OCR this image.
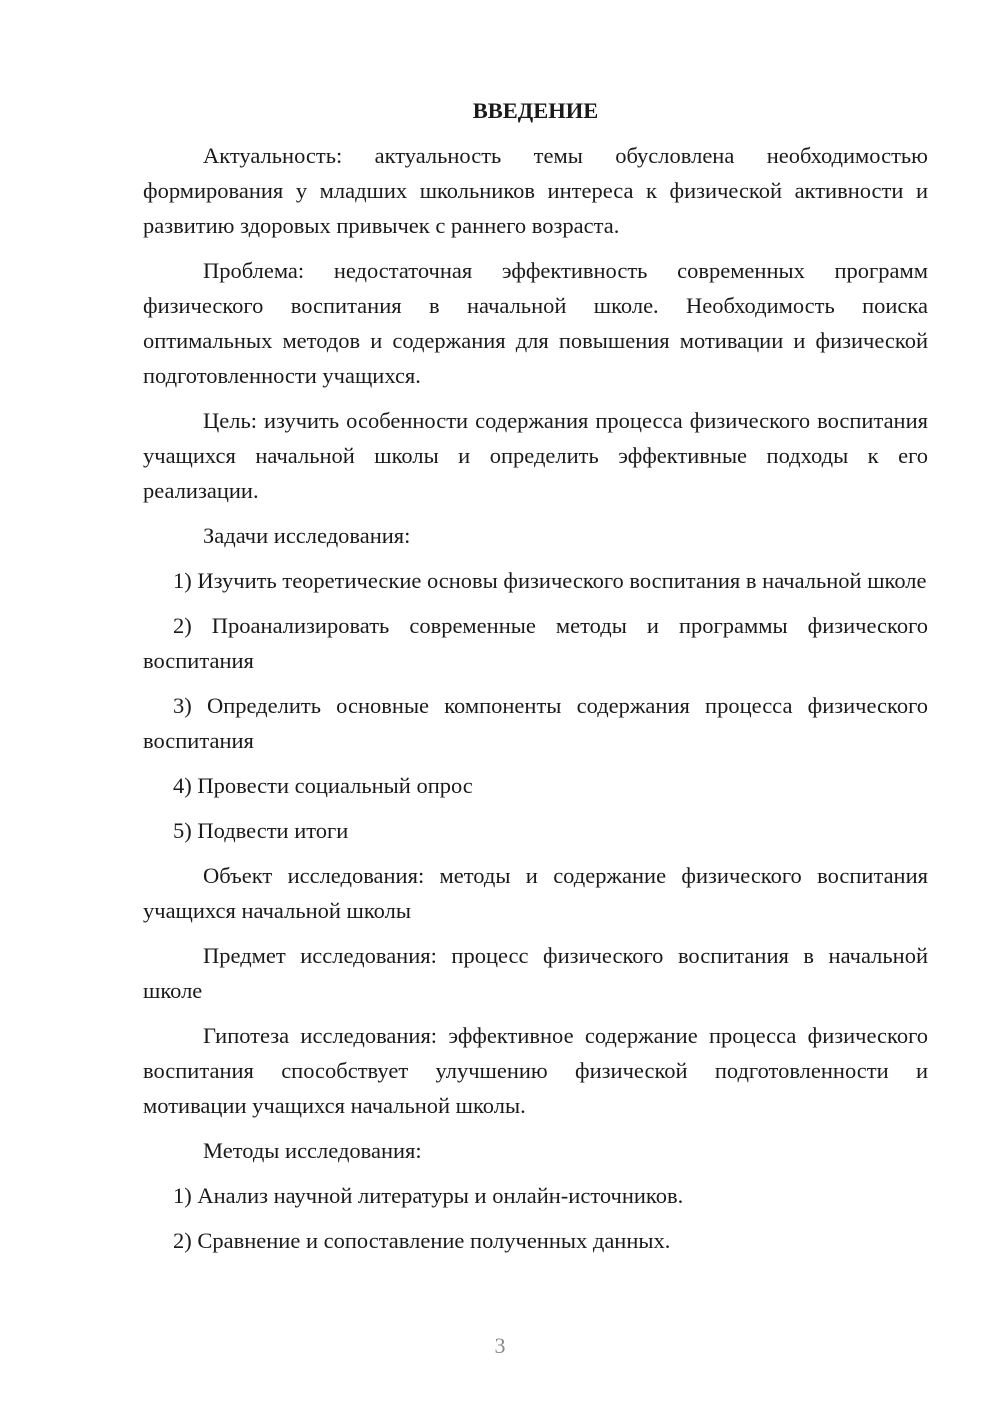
ВВЕДЕНИЕ

Актуальность: актуальность темы обусловлена необходимостью формирования у младших школьников интереса к физической активности и развитию здоровых привычек с раннего возраста.

Проблема: недостаточная эффективность современных программ физического воспитания в начальной школе. Необходимость поиска оптимальных методов и содержания для повышения мотивации и физической подготовленности учащихся.

Цель: изучить особенности содержания процесса физического воспитания учащихся начальной школы и определить эффективные подходы к его реализации.

Задачи исследования:

1) Изучить теоретические основы физического воспитания в начальной школе

2) Проанализировать современные методы и программы физического воспитания

3) Определить основные компоненты содержания процесса физического воспитания

4) Провести социальный опрос

5) Подвести итоги

Объект исследования: методы и содержание физического воспитания учащихся начальной школы

Предмет исследования: процесс физического воспитания в начальной школе

Гипотеза исследования: эффективное содержание процесса физического воспитания способствует улучшению физической подготовленности и мотивации учащихся начальной школы.

Методы исследования:

1) Анализ научной литературы и онлайн-источников.

2) Сравнение и сопоставление полученных данных.

3
